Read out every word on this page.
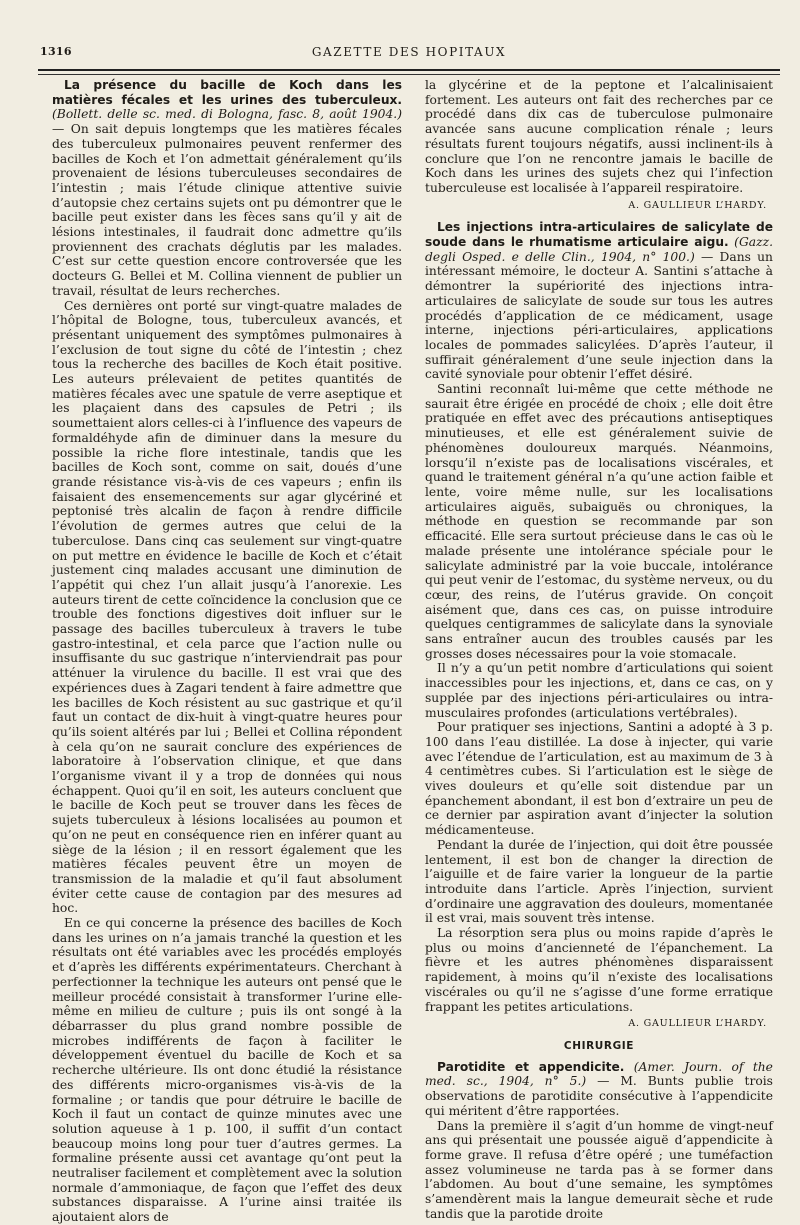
1316	GAZETTE DES HOPITAUX

La présence du bacille de Koch dans les matières fécales et les urines des tuberculeux. (Bollett. delle sc. med. di Bologna, fasc. 8, août 1904.) — On sait depuis longtemps que les matières fécales des tuberculeux pulmonaires peuvent renfermer des bacilles de Koch et l’on admettait généralement qu’ils provenaient de lésions tuberculeuses secondaires de l’intestin ; mais l’étude clinique attentive suivie d’autopsie chez certains sujets ont pu démontrer que le bacille peut exister dans les fèces sans qu’il y ait de lésions intestinales, il faudrait donc admettre qu’ils proviennent des crachats déglutis par les malades. C’est sur cette question encore controversée que les docteurs G. Bellei et M. Collina viennent de publier un travail, résultat de leurs recherches.

Ces dernières ont porté sur vingt-quatre malades de l’hôpital de Bologne, tous, tuberculeux avancés, et présentant uniquement des symptômes pulmonaires à l’exclusion de tout signe du côté de l’intestin ; chez tous la recherche des bacilles de Koch était positive. Les auteurs prélevaient de petites quantités de matières fécales avec une spatule de verre aseptique et les plaçaient dans des capsules de Petri ; ils soumettaient alors celles-ci à l’influence des vapeurs de formaldéhyde afin de diminuer dans la mesure du possible la riche flore intestinale, tandis que les bacilles de Koch sont, comme on sait, doués d’une grande résistance vis-à-vis de ces vapeurs ; enfin ils faisaient des ensemencements sur agar glycériné et peptonisé très alcalin de façon à rendre difficile l’évolution de germes autres que celui de la tuberculose. Dans cinq cas seulement sur vingt-quatre on put mettre en évidence le bacille de Koch et c’était justement cinq malades accusant une diminution de l’appétit qui chez l’un allait jusqu’à l’anorexie. Les auteurs tirent de cette coïncidence la conclusion que ce trouble des fonctions digestives doit influer sur le passage des bacilles tuberculeux à travers le tube gastro-intestinal, et cela parce que l’action nulle ou insuffisante du suc gastrique n’interviendrait pas pour atténuer la virulence du bacille. Il est vrai que des expériences dues à Zagari tendent à faire admettre que les bacilles de Koch résistent au suc gastrique et qu’il faut un contact de dix-huit à vingt-quatre heures pour qu’ils soient altérés par lui ; Bellei et Collina répondent à cela qu’on ne saurait conclure des expériences de laboratoire à l’observation clinique, et que dans l’organisme vivant il y a trop de données qui nous échappent. Quoi qu’il en soit, les auteurs concluent que le bacille de Koch peut se trouver dans les fèces de sujets tuberculeux à lésions localisées au poumon et qu’on ne peut en conséquence rien en inférer quant au siège de la lésion ; il en ressort également que les matières fécales peuvent être un moyen de transmission de la maladie et qu’il faut absolument éviter cette cause de contagion par des mesures ad hoc.

En ce qui concerne la présence des bacilles de Koch dans les urines on n’a jamais tranché la question et les résultats ont été variables avec les procédés employés et d’après les différents expérimentateurs. Cherchant à perfectionner la technique les auteurs ont pensé que le meilleur procédé consistait à transformer l’urine elle-même en milieu de culture ; puis ils ont songé à la débarrasser du plus grand nombre possible de microbes indifférents de façon à faciliter le développement éventuel du bacille de Koch et sa recherche ultérieure. Ils ont donc étudié la résistance des différents micro-organismes vis-à-vis de la formaline ; or tandis que pour détruire le bacille de Koch il faut un contact de quinze minutes avec une solution aqueuse à 1 p. 100, il suffit d’un contact beaucoup moins long pour tuer d’autres germes. La formaline présente aussi cet avantage qu’ont peut la neutraliser facilement et complètement avec la solution normale d’ammoniaque, de façon que l’effet des deux substances disparaisse. A l’urine ainsi traitée ils ajoutaient alors de

la glycérine et de la peptone et l’alcalinisaient fortement. Les auteurs ont fait des recherches par ce procédé dans dix cas de tuberculose pulmonaire avancée sans aucune complication rénale ; leurs résultats furent toujours négatifs, aussi inclinent-ils à conclure que l’on ne rencontre jamais le bacille de Koch dans les urines des sujets chez qui l’infection tuberculeuse est localisée à l’appareil respiratoire.

A. GAULLIEUR L’HARDY.

Les injections intra-articulaires de salicylate de soude dans le rhumatisme articulaire aigu. (Gazz. degli Osped. e delle Clin., 1904, n° 100.) — Dans un intéressant mémoire, le docteur A. Santini s’attache à démontrer la supériorité des injections intra-articulaires de salicylate de soude sur tous les autres procédés d’application de ce médicament, usage interne, injections péri-articulaires, applications locales de pommades salicylées. D’après l’auteur, il suffirait généralement d’une seule injection dans la cavité synoviale pour obtenir l’effet désiré.

Santini reconnaît lui-même que cette méthode ne saurait être érigée en procédé de choix ; elle doit être pratiquée en effet avec des précautions antiseptiques minutieuses, et elle est généralement suivie de phénomènes douloureux marqués. Néanmoins, lorsqu’il n’existe pas de localisations viscérales, et quand le traitement général n’a qu’une action faible et lente, voire même nulle, sur les localisations articulaires aiguës, subaiguës ou chroniques, la méthode en question se recommande par son efficacité. Elle sera surtout précieuse dans le cas où le malade présente une intolérance spéciale pour le salicylate administré par la voie buccale, intolérance qui peut venir de l’estomac, du système nerveux, ou du cœur, des reins, de l’utérus gravide. On conçoit aisément que, dans ces cas, on puisse introduire quelques centigrammes de salicylate dans la synoviale sans entraîner aucun des troubles causés par les grosses doses nécessaires pour la voie stomacale.

Il n’y a qu’un petit nombre d’articulations qui soient inaccessibles pour les injections, et, dans ce cas, on y supplée par des injections péri-articulaires ou intra-musculaires profondes (articulations vertébrales).

Pour pratiquer ses injections, Santini a adopté à 3 p. 100 dans l’eau distillée. La dose à injecter, qui varie avec l’étendue de l’articulation, est au maximum de 3 à 4 centimètres cubes. Si l’articulation est le siège de vives douleurs et qu’elle soit distendue par un épanchement abondant, il est bon d’extraire un peu de ce dernier par aspiration avant d’injecter la solution médicamenteuse.

Pendant la durée de l’injection, qui doit être poussée lentement, il est bon de changer la direction de l’aiguille et de faire varier la longueur de la partie introduite dans l’article. Après l’injection, survient d’ordinaire une aggravation des douleurs, momentanée il est vrai, mais souvent très intense.

La résorption sera plus ou moins rapide d’après le plus ou moins d’ancienneté de l’épanchement. La fièvre et les autres phénomènes disparaissent rapidement, à moins qu’il n’existe des localisations viscérales ou qu’il ne s’agisse d’une forme erratique frappant les petites articulations.

A. GAULLIEUR L’HARDY.
CHIRURGIE

Parotidite et appendicite. (Amer. Journ. of the med. sc., 1904, n° 5.) — M. Bunts publie trois observations de parotidite consécutive à l’appendicite qui méritent d’être rapportées.

Dans la première il s’agit d’un homme de vingt-neuf ans qui présentait une poussée aiguë d’appendicite à forme grave. Il refusa d’être opéré ; une tuméfaction assez volumineuse ne tarda pas à se former dans l’abdomen. Au bout d’une semaine, les symptômes s’amendèrent mais la langue demeurait sèche et rude tandis que la parotide droite
